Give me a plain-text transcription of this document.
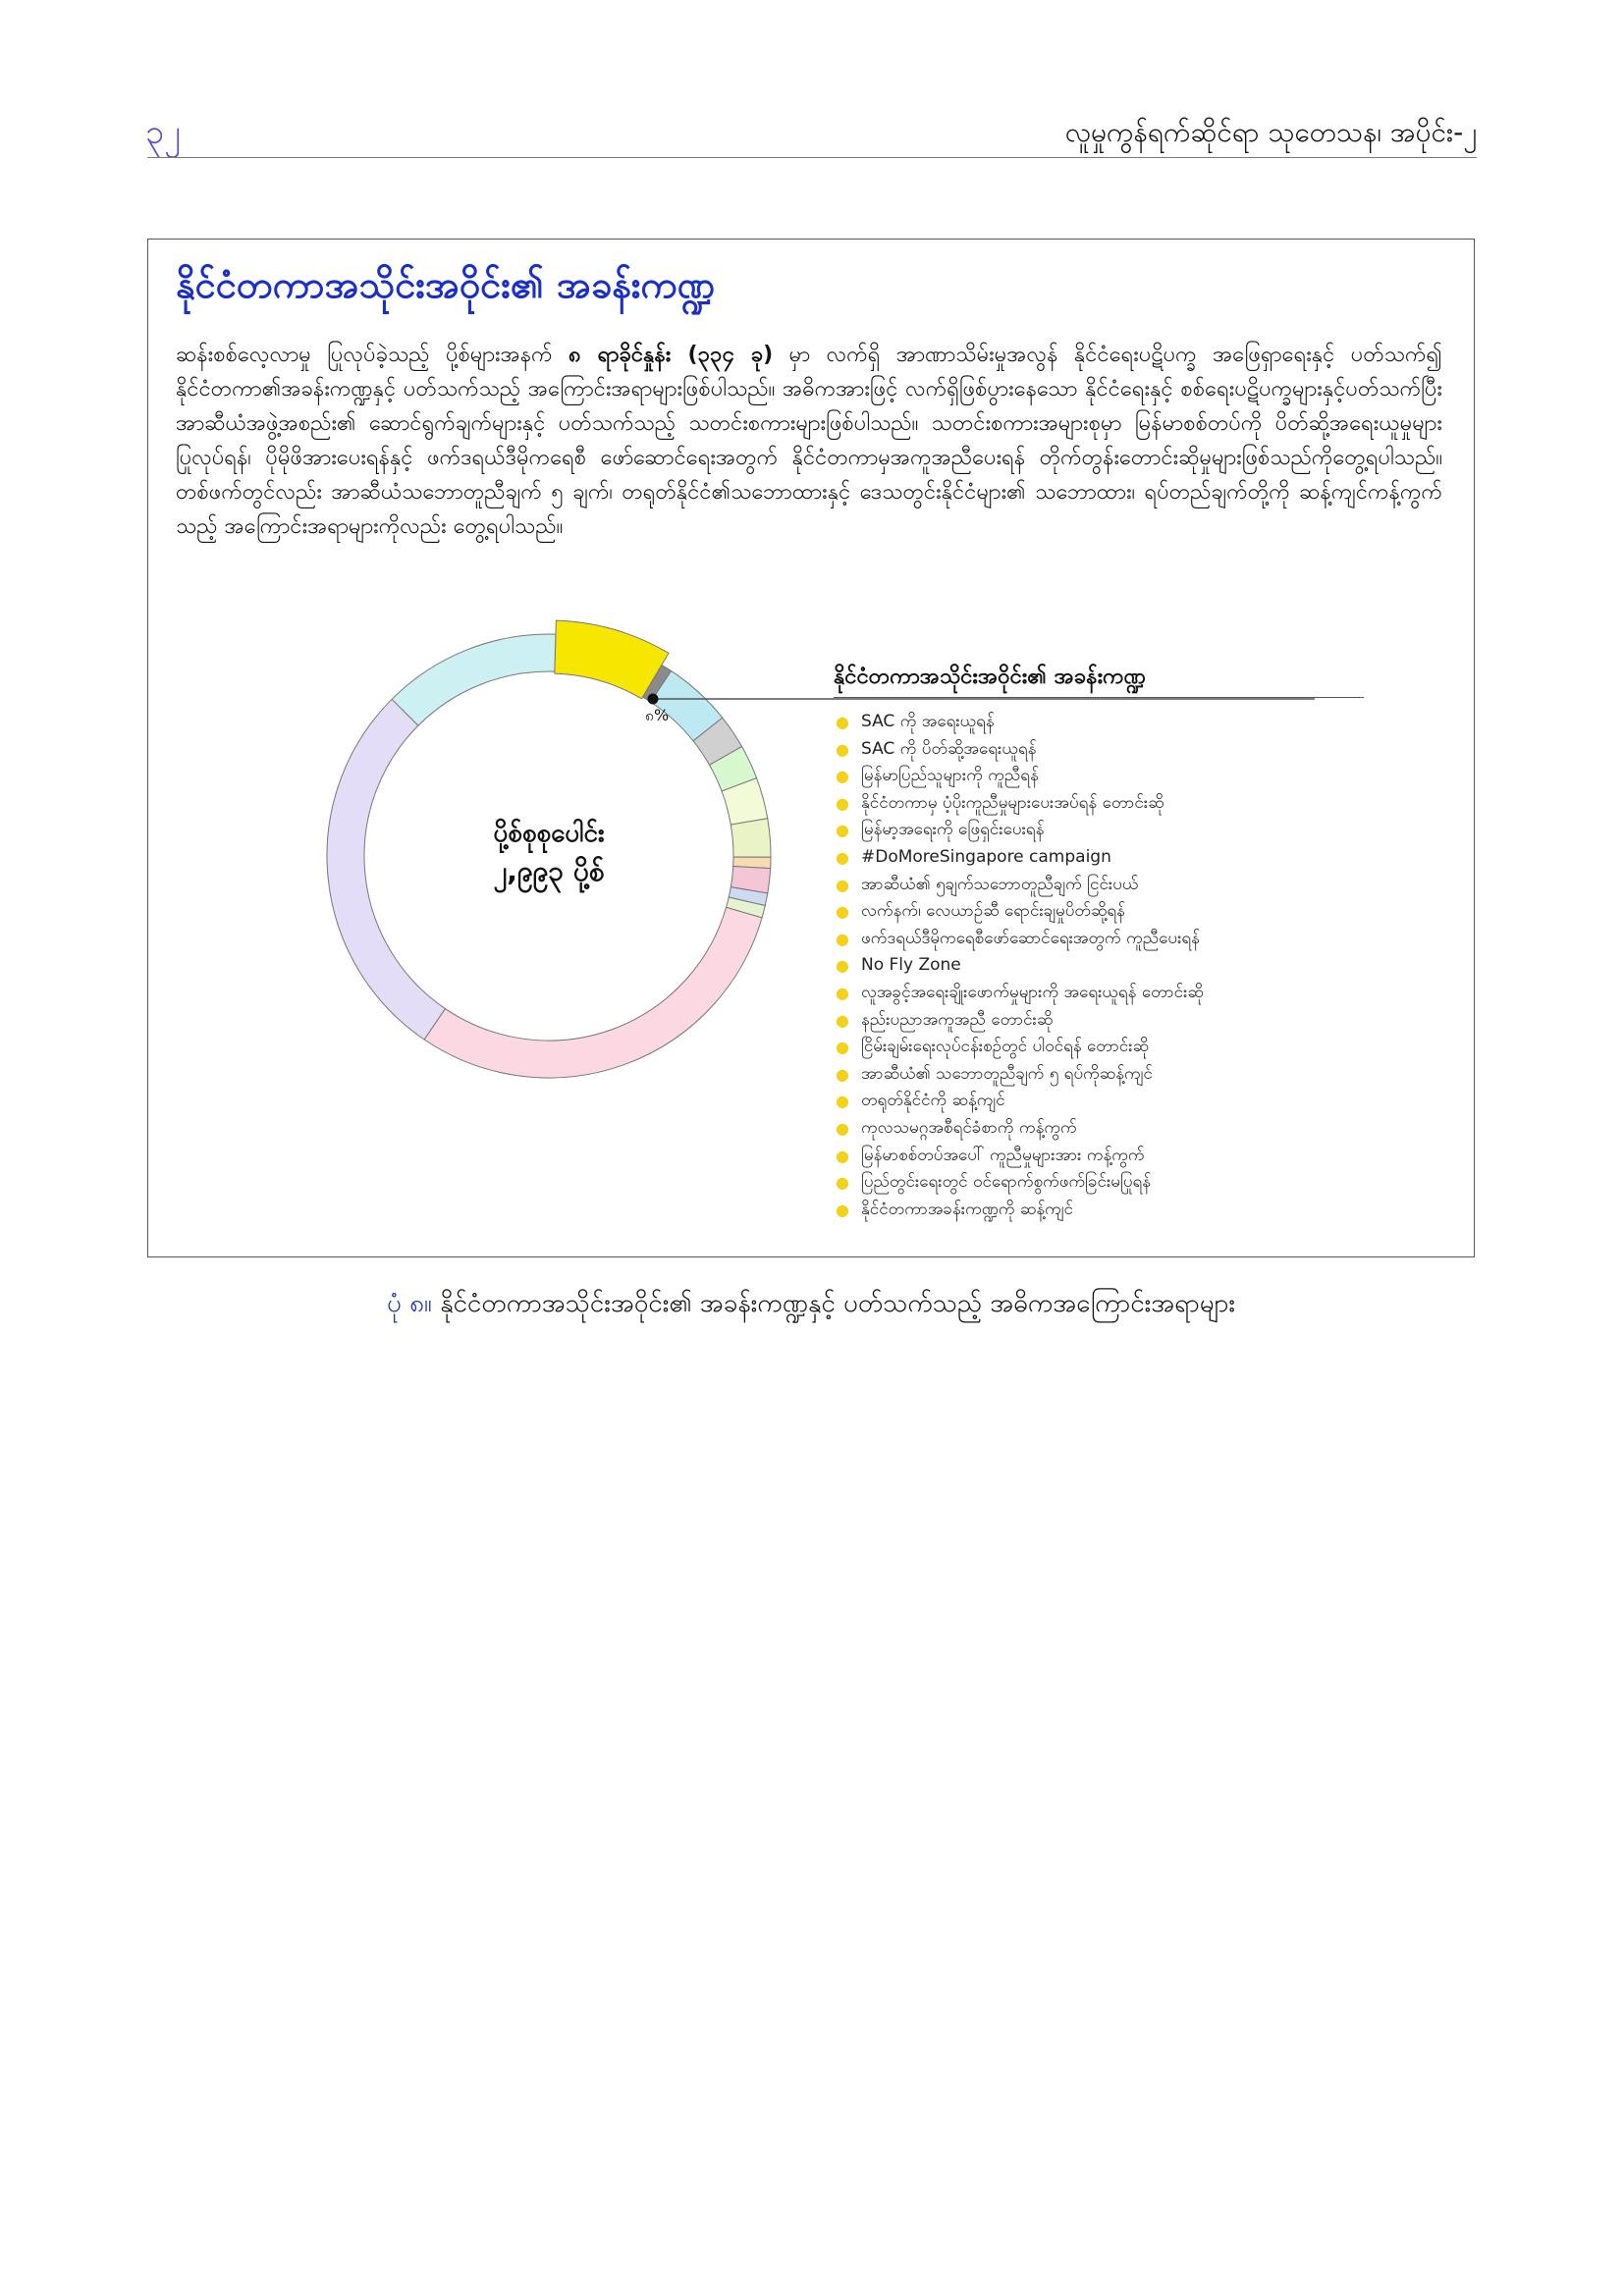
၃၂	လူမှုကွန်ရက်ဆိုင်ရာ သုတေသန၊ အပိုင်း-၂
နိုင်ငံတကာအသိုင်းအဝိုင်း၏ အခန်းကဏ္ဍ

ဆန်းစစ်လေ့လာမှု ပြုလုပ်ခဲ့သည့် ပို့စ်များအနက် ၈ ရာခိုင်နှုန်း (၃၃၄ ခု) မှာ လက်ရှိ အာဏာသိမ်းမှုအလွန် နိုင်ငံရေးပဋိပက္ခ အဖြေရှာရေးနှင့် ပတ်သက်၍ နိုင်ငံတကာ၏အခန်းကဏ္ဍနှင့် ပတ်သက်သည့် အကြောင်းအရာများဖြစ်ပါသည်။ အဓိကအားဖြင့် လက်ရှိဖြစ်ပွားနေသော နိုင်ငံရေးနှင့် စစ်ရေးပဋိပက္ခများနှင့်ပတ်သက်ပြီး အာဆီယံအဖွဲ့အစည်း၏ ဆောင်ရွက်ချက်များနှင့် ပတ်သက်သည့် သတင်းစကားများဖြစ်ပါသည်။ သတင်းစကားအများစုမှာ မြန်မာစစ်တပ်ကို ပိတ်ဆို့အရေးယူမှုများပြုလုပ်ရန်၊ ပိုမိုဖိအားပေးရန်နှင့် ဖက်ဒရယ်ဒီမိုကရေစီ ဖော်ဆောင်ရေးအတွက် နိုင်ငံတကာမှအကူအညီပေးရန် တိုက်တွန်းတောင်းဆိုမှုများဖြစ်သည်ကိုတွေ့ရပါသည်။ တစ်ဖက်တွင်လည်း အာဆီယံသဘောတူညီချက် ၅ ချက်၊ တရုတ်နိုင်ငံ၏သဘောထားနှင့် ဒေသတွင်းနိုင်ငံများ၏ သဘောထား၊ ရပ်တည်ချက်တို့ကို ဆန့်ကျင်ကန့်ကွက်သည့် အကြောင်းအရာများကိုလည်း တွေ့ရပါသည်။

၈%
ပို့စ်စုစုပေါင်း
၂,၉၉၃ ပို့စ်
နိုင်ငံတကာအသိုင်းအဝိုင်း၏ အခန်းကဏ္ဍ
● SAC ကို အရေးယူရန်
● SAC ကို ပိတ်ဆို့အရေးယူရန်
● မြန်မာပြည်သူများကို ကူညီရန်
● နိုင်ငံတကာမှ ပံ့ပိုးကူညီမှုများပေးအပ်ရန် တောင်းဆို
● မြန်မာ့အရေးကို ဖြေရှင်းပေးရန်
● #DoMoreSingapore campaign
● အာဆီယံ၏ ၅ချက်သဘောတူညီချက် ငြင်းပယ်
● လက်နက်၊ လေယာဉ်ဆီ ရောင်းချမှုပိတ်ဆို့ရန်
● ဖက်ဒရယ်ဒီမိုကရေစီဖော်ဆောင်ရေးအတွက် ကူညီပေးရန်
● No Fly Zone
● လူအခွင့်အရေးချိုးဖောက်မှုများကို အရေးယူရန် တောင်းဆို
● နည်းပညာအကူအညီ တောင်းဆို
● ငြိမ်းချမ်းရေးလုပ်ငန်းစဉ်တွင် ပါဝင်ရန် တောင်းဆို
● အာဆီယံ၏ သဘောတူညီချက် ၅ ရပ်ကိုဆန့်ကျင်
● တရုတ်နိုင်ငံကို ဆန့်ကျင်
● ကုလသမဂ္ဂအစီရင်ခံစာကို ကန့်ကွက်
● မြန်မာစစ်တပ်အပေါ် ကူညီမှုများအား ကန့်ကွက်
● ပြည်တွင်းရေးတွင် ဝင်ရောက်စွက်ဖက်ခြင်းမပြုရန်
● နိုင်ငံတကာအခန်းကဏ္ဍကို ဆန့်ကျင်

ပုံ ၈။ နိုင်ငံတကာအသိုင်းအဝိုင်း၏ အခန်းကဏ္ဍနှင့် ပတ်သက်သည့် အဓိကအကြောင်းအရာများ
